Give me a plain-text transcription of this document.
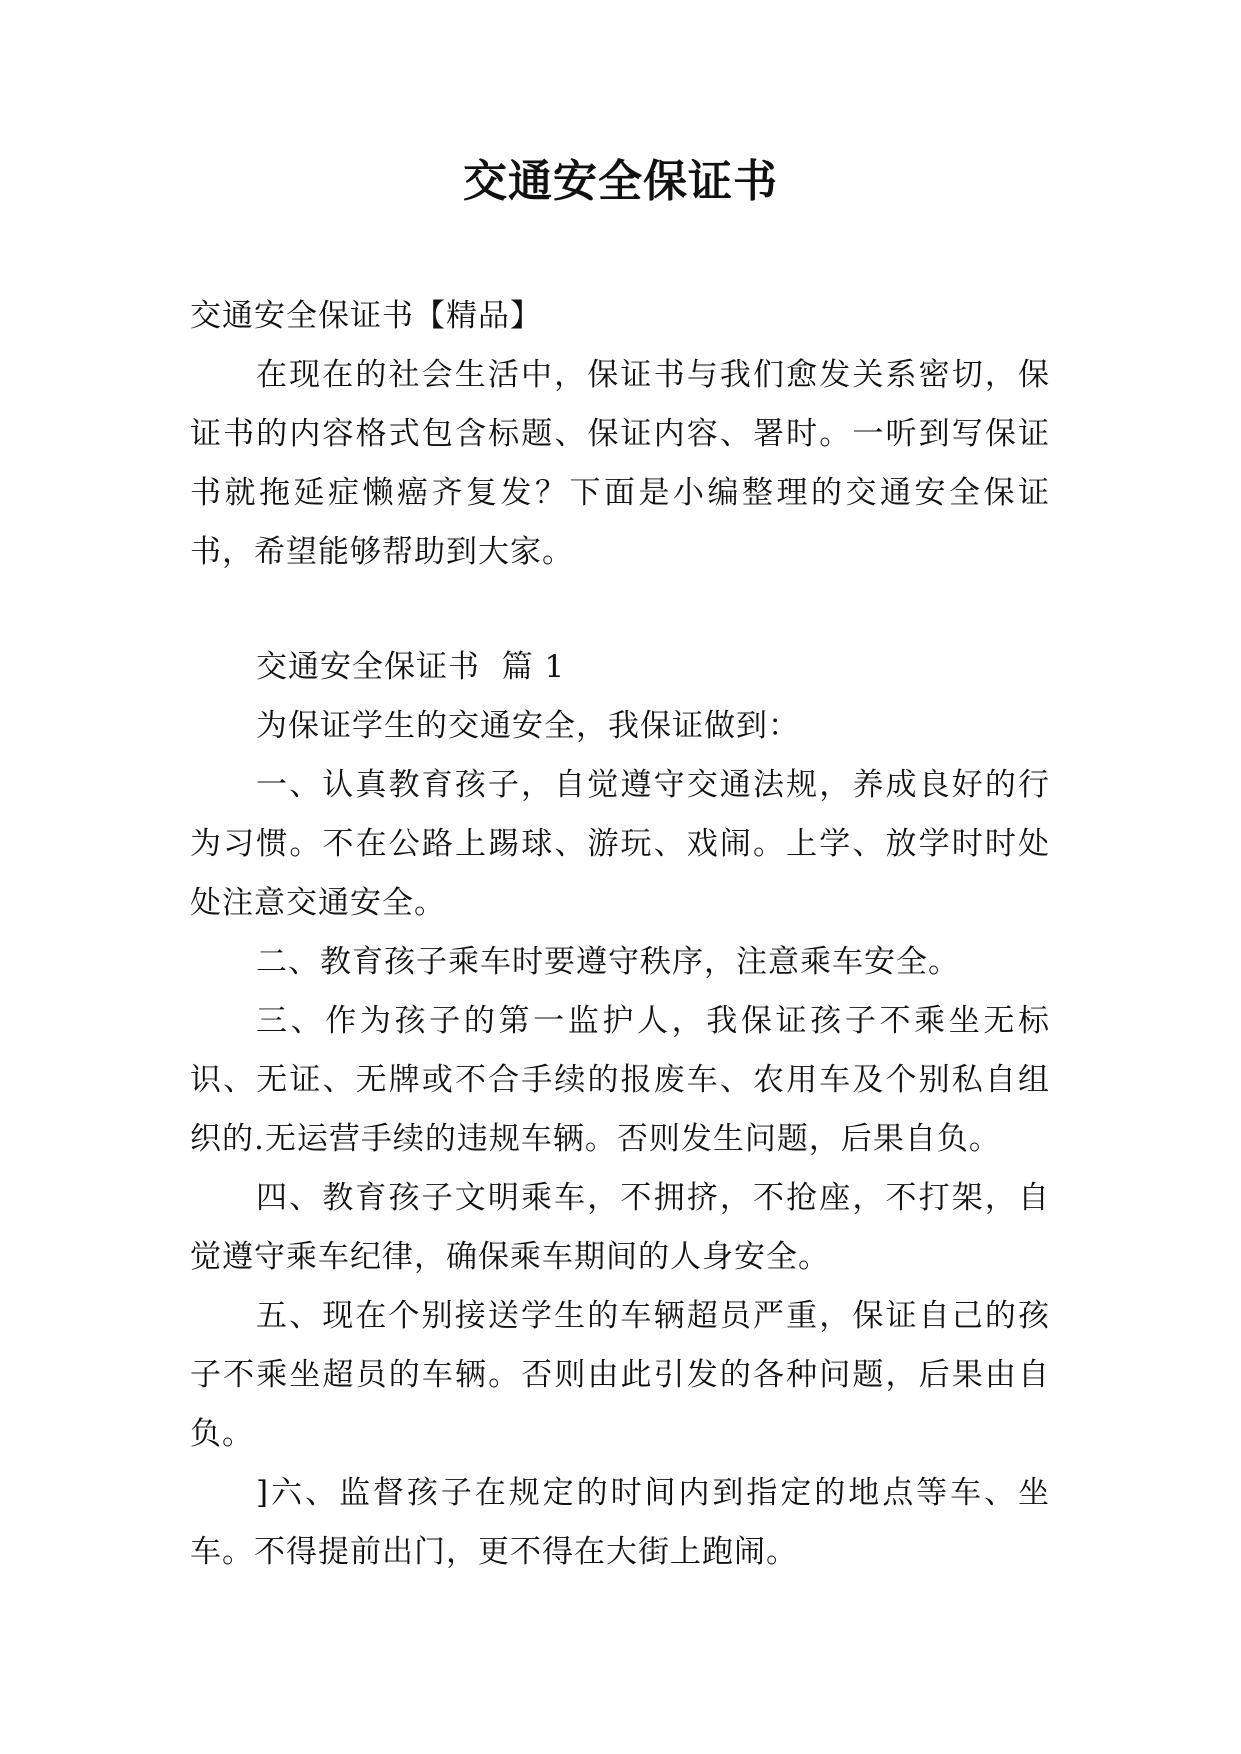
交通安全保证书

交通安全保证书【精品】

在现在的社会生活中，保证书与我们愈发关系密切，保证书的内容格式包含标题、保证内容、署时。一听到写保证书就拖延症懒癌齐复发？下面是小编整理的交通安全保证书，希望能够帮助到大家。

交通安全保证书  篇 1

为保证学生的交通安全，我保证做到：

一、认真教育孩子，自觉遵守交通法规，养成良好的行为习惯。不在公路上踢球、游玩、戏闹。上学、放学时时处处注意交通安全。

二、教育孩子乘车时要遵守秩序，注意乘车安全。

三、作为孩子的第一监护人，我保证孩子不乘坐无标识、无证、无牌或不合手续的报废车、农用车及个别私自组织的.无运营手续的违规车辆。否则发生问题，后果自负。

四、教育孩子文明乘车，不拥挤，不抢座，不打架，自觉遵守乘车纪律，确保乘车期间的人身安全。

五、现在个别接送学生的车辆超员严重，保证自己的孩子不乘坐超员的车辆。否则由此引发的各种问题，后果由自负。

]六、监督孩子在规定的时间内到指定的地点等车、坐车。不得提前出门，更不得在大街上跑闹。
